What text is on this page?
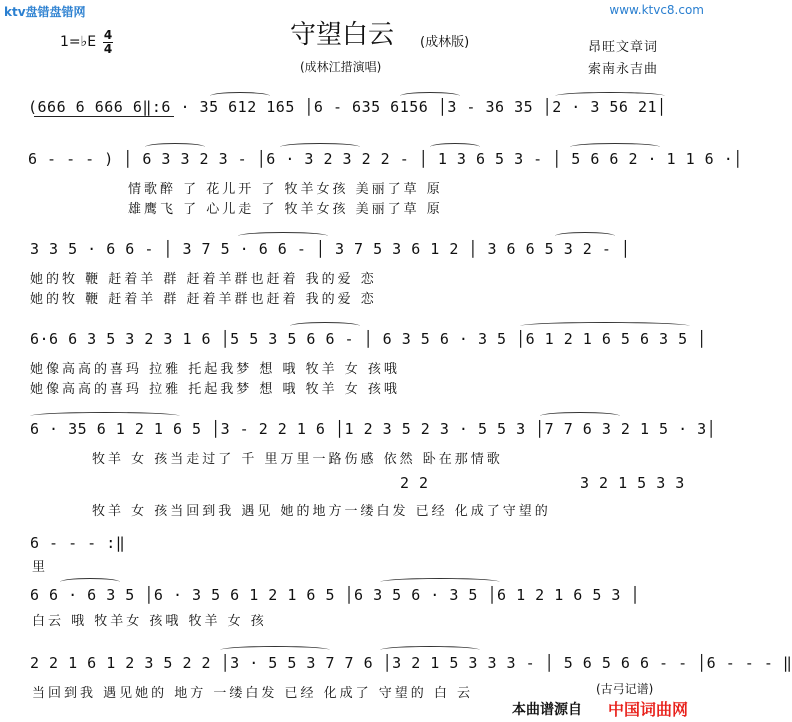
ktv盘错盘错网	www.ktvc8.com
守望白云 (成林版)
(成林江措演唱)
1=♭E 4
4	昂旺文章词
索南永吉曲
(666 6 666 6‖:6 · 35 612 165 │6 - 635 6156 │3 - 36 35 │2 · 3 56 21│
6 - - - ) │ 6 3 3 2 3 - │6 · 3 2 3 2 2 - │ 1 3 6 5 3 - │ 5 6 6 2 · 1 1 6 ·│
情歌醉 了 花儿开 了 牧羊女孩 美丽了草 原
雄鹰飞 了 心儿走 了 牧羊女孩 美丽了草 原
3 3 5 · 6 6 - │ 3 7 5 · 6 6 - │ 3 7 5 3 6 1 2 │ 3 6 6 5 3 2 - │
她的牧 鞭 赶着羊 群 赶着羊群也赶着 我的爱 恋
她的牧 鞭 赶着羊 群 赶着羊群也赶着 我的爱 恋
6·6 6 3 5 3 2 3 1 6 │5 5 3 5 6 6 - │ 6 3 5 6 · 3 5 │6 1 2 1 6 5 6 3 5 │
她像高高的喜玛 拉雅 托起我梦 想 哦 牧羊 女 孩哦
她像高高的喜玛 拉雅 托起我梦 想 哦 牧羊 女 孩哦
6 · 35 6 1 2 1 6 5 │3 - 2 2 1 6 │1 2 3 5 2 3 · 5 5 3 │7 7 6 3 2 1 5 · 3│
牧羊 女 孩当走过了 千 里万里一路伤感 依然 卧在那情歌
2 2	3 2 1 5 3 3
牧羊 女 孩当回到我 遇见 她的地方一缕白发 已经 化成了守望的
6 - - - :‖
里
6 6 · 6 3 5 │6 · 3 5 6 1 2 1 6 5 │6 3 5 6 · 3 5 │6 1 2 1 6 5 3 │
白云 哦 牧羊女 孩哦 牧羊 女 孩
2 2 1 6 1 2 3 5 2 2 │3 · 5 5 3 7 7 6 │3 2 1 5 3 3 3 - │ 5 6 5 6 6 - - │6 - - - ‖
当回到我 遇见她的 地方 一缕白发 已经 化成了 守望的 白 云	(古弓记谱)
本曲谱源自 中国词曲网
